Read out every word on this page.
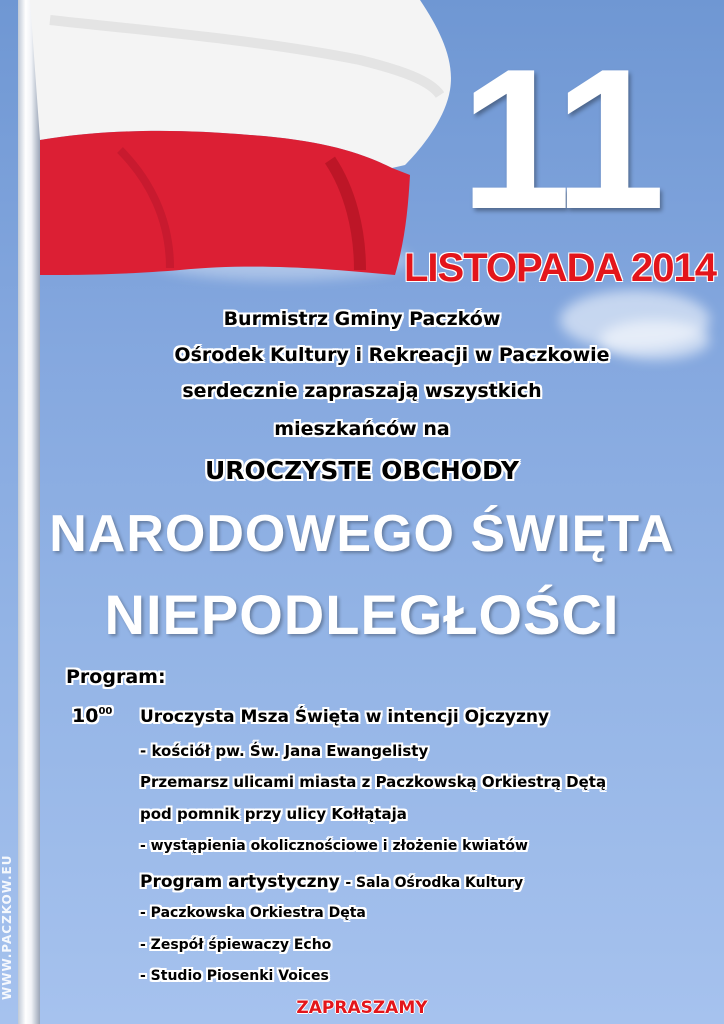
11
LISTOPADA 2014
Burmistrz Gminy Paczków
Ośrodek Kultury i Rekreacji w Paczkowie
serdecznie zapraszają wszystkich
mieszkańców na
UROCZYSTE OBCHODY
NARODOWEGO ŚWIĘTA
NIEPODLEGŁOŚCI
Program:
$10^{00}$ Uroczysta Msza Święta w intencji Ojczyzny
- kościół pw. Św. Jana Ewangelisty
Przemarsz ulicami miasta z Paczkowską Orkiestrą Dętą
pod pomnik przy ulicy Kołłątaja
- wystąpienia okolicznościowe i złożenie kwiatów
Program artystyczny - Sala Ośrodka Kultury
- Paczkowska Orkiestra Dęta
- Zespół śpiewaczy Echo
- Studio Piosenki Voices
ZAPRASZAMY
WWW.PACZKOW.EU
